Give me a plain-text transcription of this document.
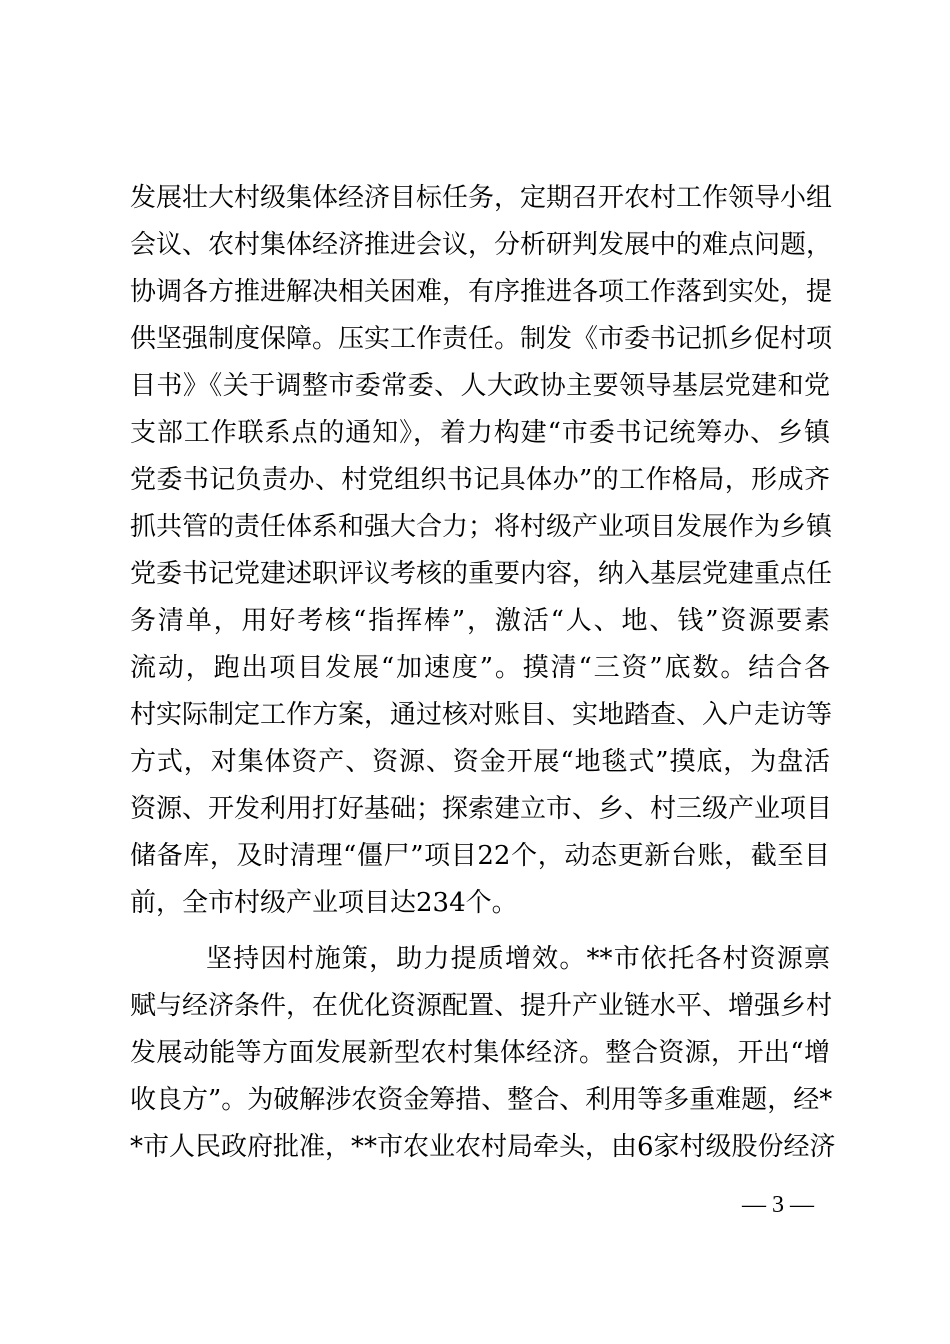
发展壮大村级集体经济目标任务，定期召开农村工作领导小组
会议、农村集体经济推进会议，分析研判发展中的难点问题，
协调各方推进解决相关困难，有序推进各项工作落到实处，提
供坚强制度保障。压实工作责任。制发《市委书记抓乡促村项
目书》《关于调整市委常委、人大政协主要领导基层党建和党
支部工作联系点的通知》，着力构建“市委书记统筹办、乡镇
党委书记负责办、村党组织书记具体办”的工作格局，形成齐
抓共管的责任体系和强大合力；将村级产业项目发展作为乡镇
党委书记党建述职评议考核的重要内容，纳入基层党建重点任
务清单，用好考核“指挥棒”，激活“人、地、钱”资源要素
流动，跑出项目发展“加速度”。摸清“三资”底数。结合各
村实际制定工作方案，通过核对账目、实地踏查、入户走访等
方式，对集体资产、资源、资金开展“地毯式”摸底，为盘活
资源、开发利用打好基础；探索建立市、乡、村三级产业项目
储备库，及时清理“僵尸”项目22个，动态更新台账，截至目
前，全市村级产业项目达234个。
坚持因村施策，助力提质增效。**市依托各村资源禀
赋与经济条件，在优化资源配置、提升产业链水平、增强乡村
发展动能等方面发展新型农村集体经济。整合资源，开出“增
收良方”。为破解涉农资金筹措、整合、利用等多重难题，经*
*市人民政府批准，**市农业农村局牵头，由6家村级股份经济
— 3 —
